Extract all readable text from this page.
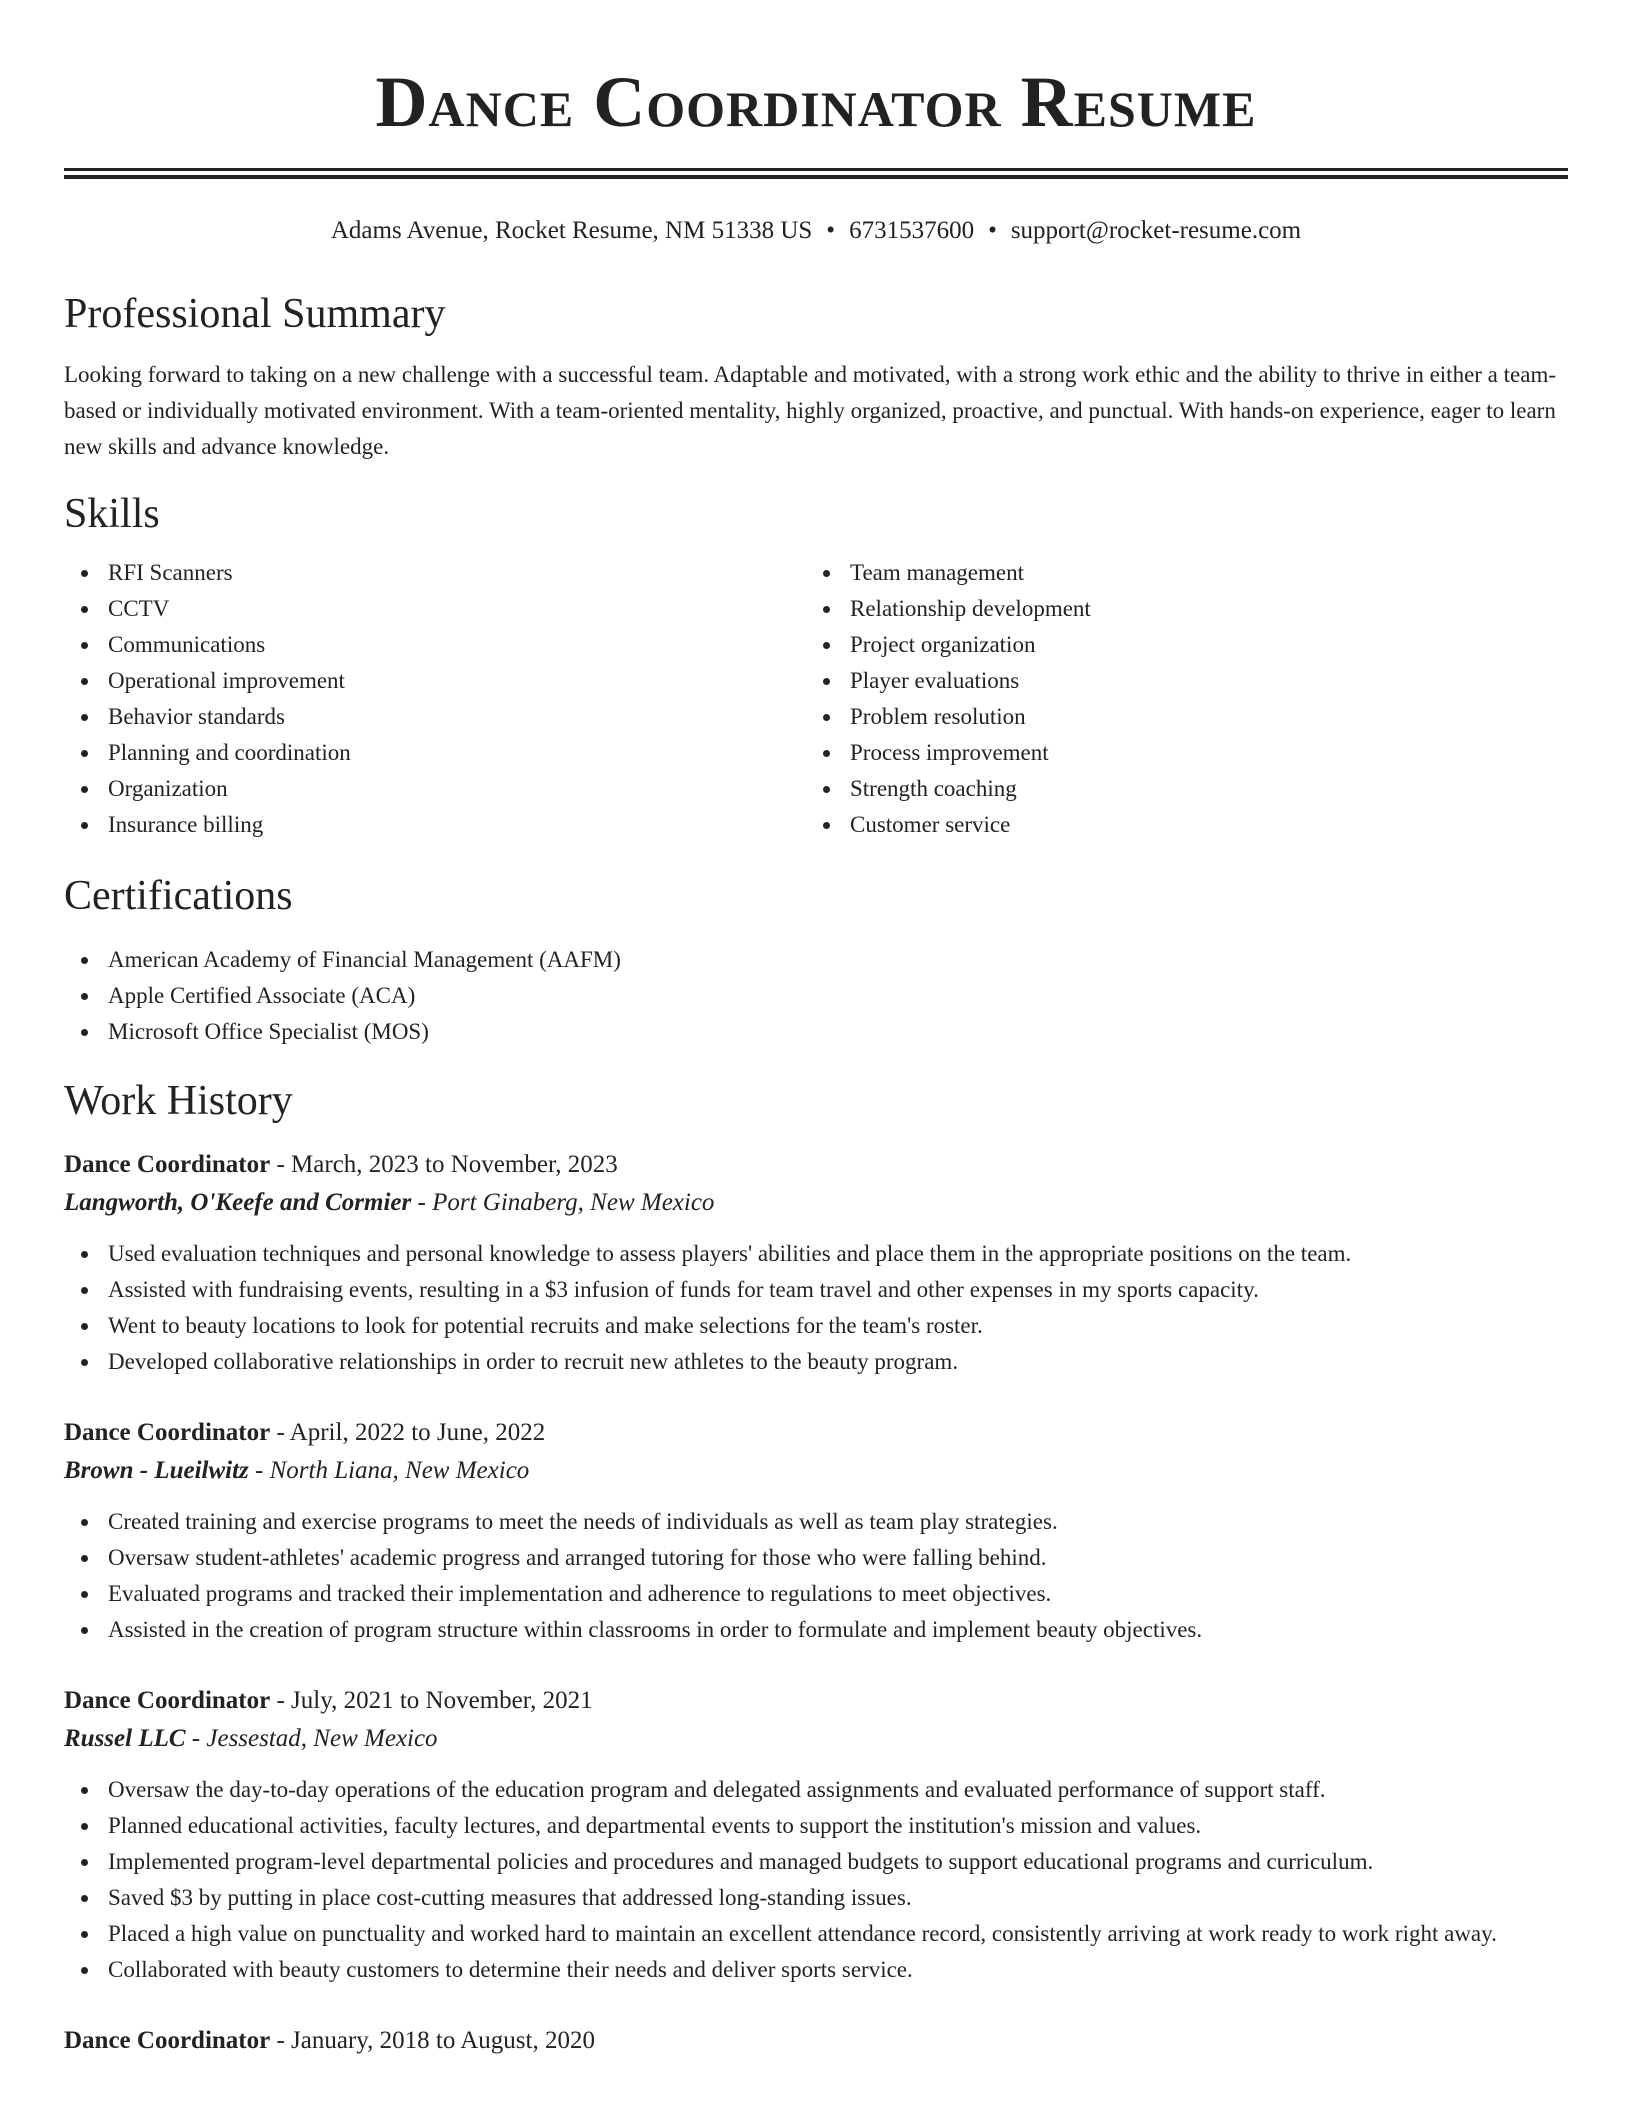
Dance Coordinator Resume
Adams Avenue, Rocket Resume, NM 51338 US • 6731537600 • support@rocket-resume.com
Professional Summary

Looking forward to taking on a new challenge with a successful team. Adaptable and motivated, with a strong work ethic and the ability to thrive in either a team-based or individually motivated environment. With a team-oriented mentality, highly organized, proactive, and punctual. With hands-on experience, eager to learn new skills and advance knowledge.

Skills
RFI Scanners
CCTV
Communications
Operational improvement
Behavior standards
Planning and coordination
Organization
Insurance billing
Team management
Relationship development
Project organization
Player evaluations
Problem resolution
Process improvement
Strength coaching
Customer service
Certifications
American Academy of Financial Management (AAFM)
Apple Certified Associate (ACA)
Microsoft Office Specialist (MOS)
Work History
Dance Coordinator - March, 2023 to November, 2023
Langworth, O'Keefe and Cormier - Port Ginaberg, New Mexico
Used evaluation techniques and personal knowledge to assess players' abilities and place them in the appropriate positions on the team.
Assisted with fundraising events, resulting in a $3 infusion of funds for team travel and other expenses in my sports capacity.
Went to beauty locations to look for potential recruits and make selections for the team's roster.
Developed collaborative relationships in order to recruit new athletes to the beauty program.
Dance Coordinator - April, 2022 to June, 2022
Brown - Lueilwitz - North Liana, New Mexico
Created training and exercise programs to meet the needs of individuals as well as team play strategies.
Oversaw student-athletes' academic progress and arranged tutoring for those who were falling behind.
Evaluated programs and tracked their implementation and adherence to regulations to meet objectives.
Assisted in the creation of program structure within classrooms in order to formulate and implement beauty objectives.
Dance Coordinator - July, 2021 to November, 2021
Russel LLC - Jessestad, New Mexico
Oversaw the day-to-day operations of the education program and delegated assignments and evaluated performance of support staff.
Planned educational activities, faculty lectures, and departmental events to support the institution's mission and values.
Implemented program-level departmental policies and procedures and managed budgets to support educational programs and curriculum.
Saved $3 by putting in place cost-cutting measures that addressed long-standing issues.
Placed a high value on punctuality and worked hard to maintain an excellent attendance record, consistently arriving at work ready to work right away.
Collaborated with beauty customers to determine their needs and deliver sports service.
Dance Coordinator - January, 2018 to August, 2020
